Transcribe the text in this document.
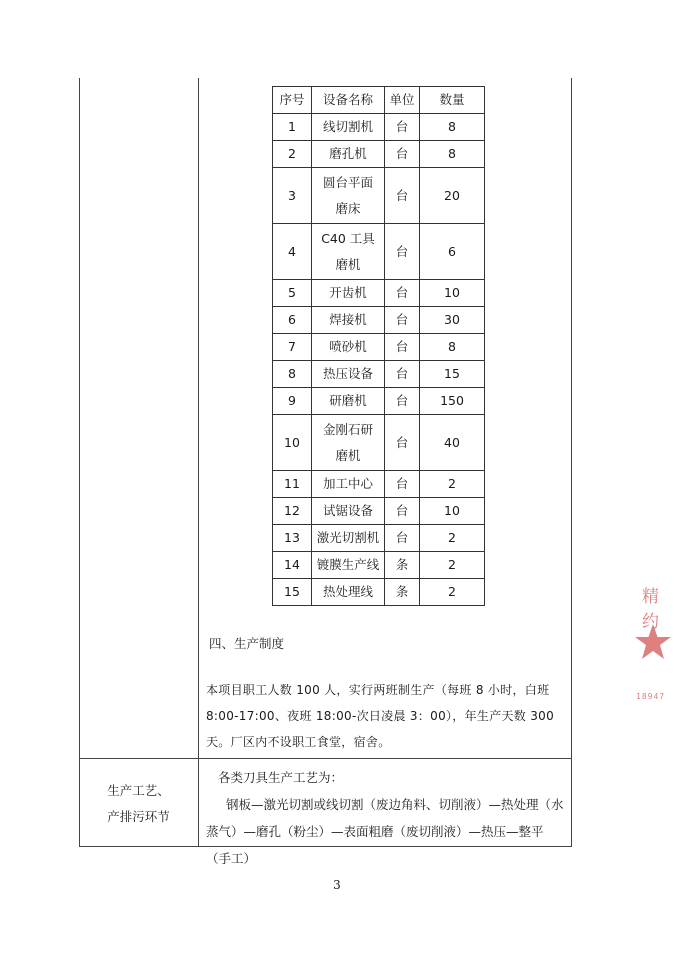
序号	设备名称	单位	数量
1	线切割机	台	8
2	磨孔机	台	8
3	圆台平面磨床	台	20
4	C40 工具磨机	台	6
5	开齿机	台	10
6	焊接机	台	30
7	喷砂机	台	8
8	热压设备	台	15
9	研磨机	台	150
10	金刚石研磨机	台	40
11	加工中心	台	2
12	试锯设备	台	10
13	激光切割机	台	2
14	镀膜生产线	条	2
15	热处理线	条	2
四、生产制度
本项目职工人数 100 人，实行两班制生产（每班 8 小时，白班 8:00-17:00、夜班 18:00-次日凌晨 3：00），年生产天数 300 天。厂区内不设职工食堂，宿舍。
生产工艺、
产排污环节
各类刀具生产工艺为：
钢板—激光切割或线切割（废边角料、切削液）—热处理（水蒸气）—磨孔（粉尘）—表面粗磨（废切削液）—热压—整平（手工）
3
精约
18947
